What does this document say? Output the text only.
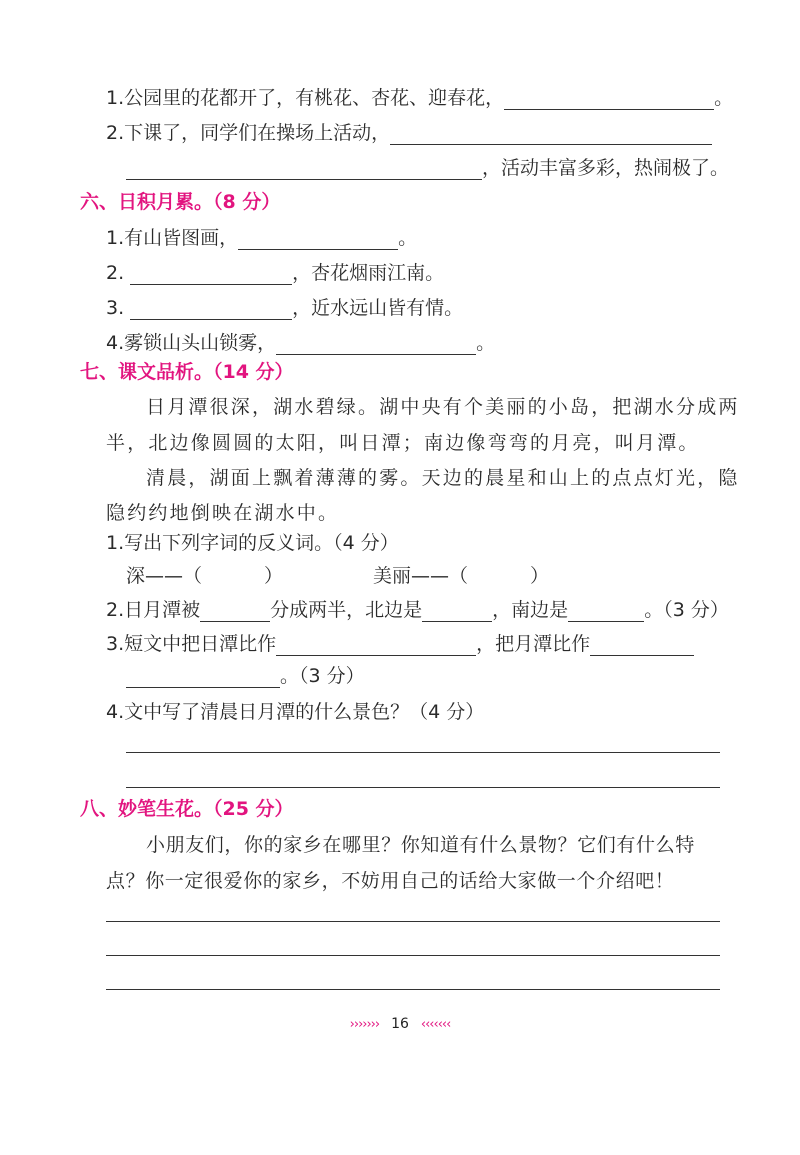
1. 公园里的花都开了，有桃花、杏花、迎春花，	。
2. 下课了，同学们在操场上活动，
，活动丰富多彩，热闹极了。
六、日积月累。（8 分）
1. 有山皆图画，	。
2.	，杏花烟雨江南。
3.	，近水远山皆有情。
4. 雾锁山头山锁雾，	。
七、课文品析。（14 分）
日月潭很深，湖水碧绿。湖中央有个美丽的小岛，把湖水分成两
半，北边像圆圆的太阳，叫日潭；南边像弯弯的月亮，叫月潭。
清晨，湖面上飘着薄薄的雾。天边的晨星和山上的点点灯光，隐
隐约约地倒映在湖水中。
1. 写出下列字词的反义词。（4 分）
深——（	）	美丽——（	）
2. 日月潭被	分成两半，北边是	，南边是	。（3 分）
3. 短文中把日潭比作	，把月潭比作
。（3 分）
4. 文中写了清晨日月潭的什么景色？（4 分）
八、妙笔生花。（25 分）
小朋友们，你的家乡在哪里？你知道有什么景物？它们有什么特
点？你一定很爱你的家乡，不妨用自己的话给大家做一个介绍吧！
››››››› 16 ‹‹‹‹‹‹‹
